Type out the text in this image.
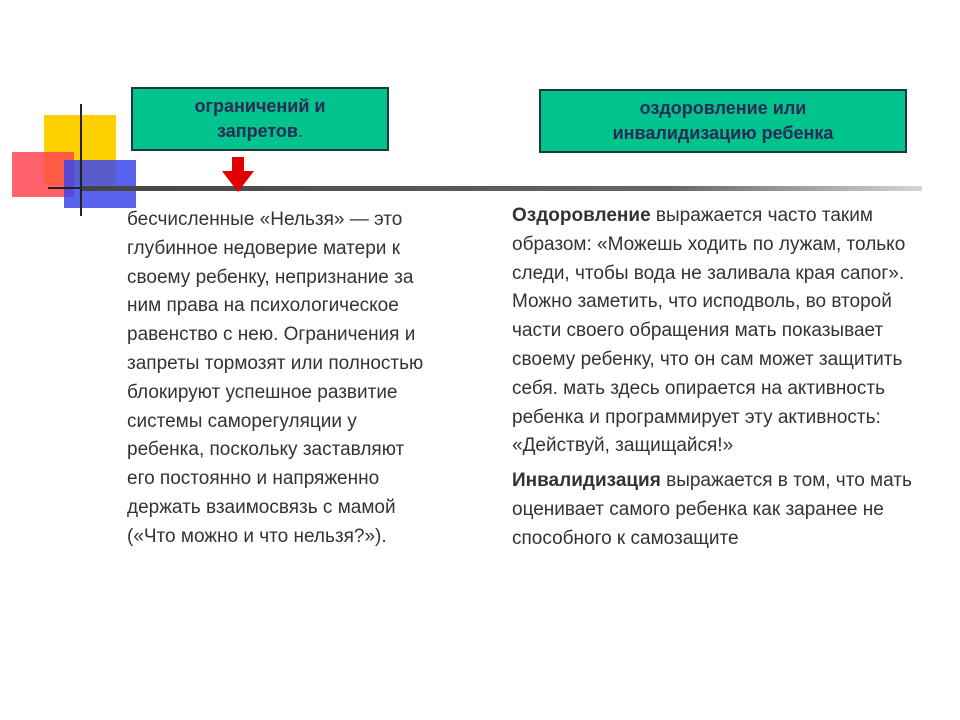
ограничений и
запретов.
оздоровление или
инвалидизацию ребенка
бесчисленные «Нельзя» — это глубинное недоверие матери к своему ребенку, непризнание за ним права на психологическое равенство с нею. Ограничения и запреты тормозят или полностью блокируют успешное развитие системы саморегуляции у ребенка, поскольку заставляют его постоянно и напряженно держать взаимосвязь с мамой («Что можно и что нельзя?»).

Оздоровление выражается часто таким образом: «Можешь ходить по лужам, только следи, чтобы вода не заливала края сапог». Можно заметить, что исподволь, во второй части своего обращения мать показывает своему ребенку, что он сам может защитить себя. мать здесь опирается на активность ребенка и программирует эту активность: «Действуй, защищайся!»

Инвалидизация выражается в том, что мать оценивает самого ребенка как заранее не способного к самозащите
